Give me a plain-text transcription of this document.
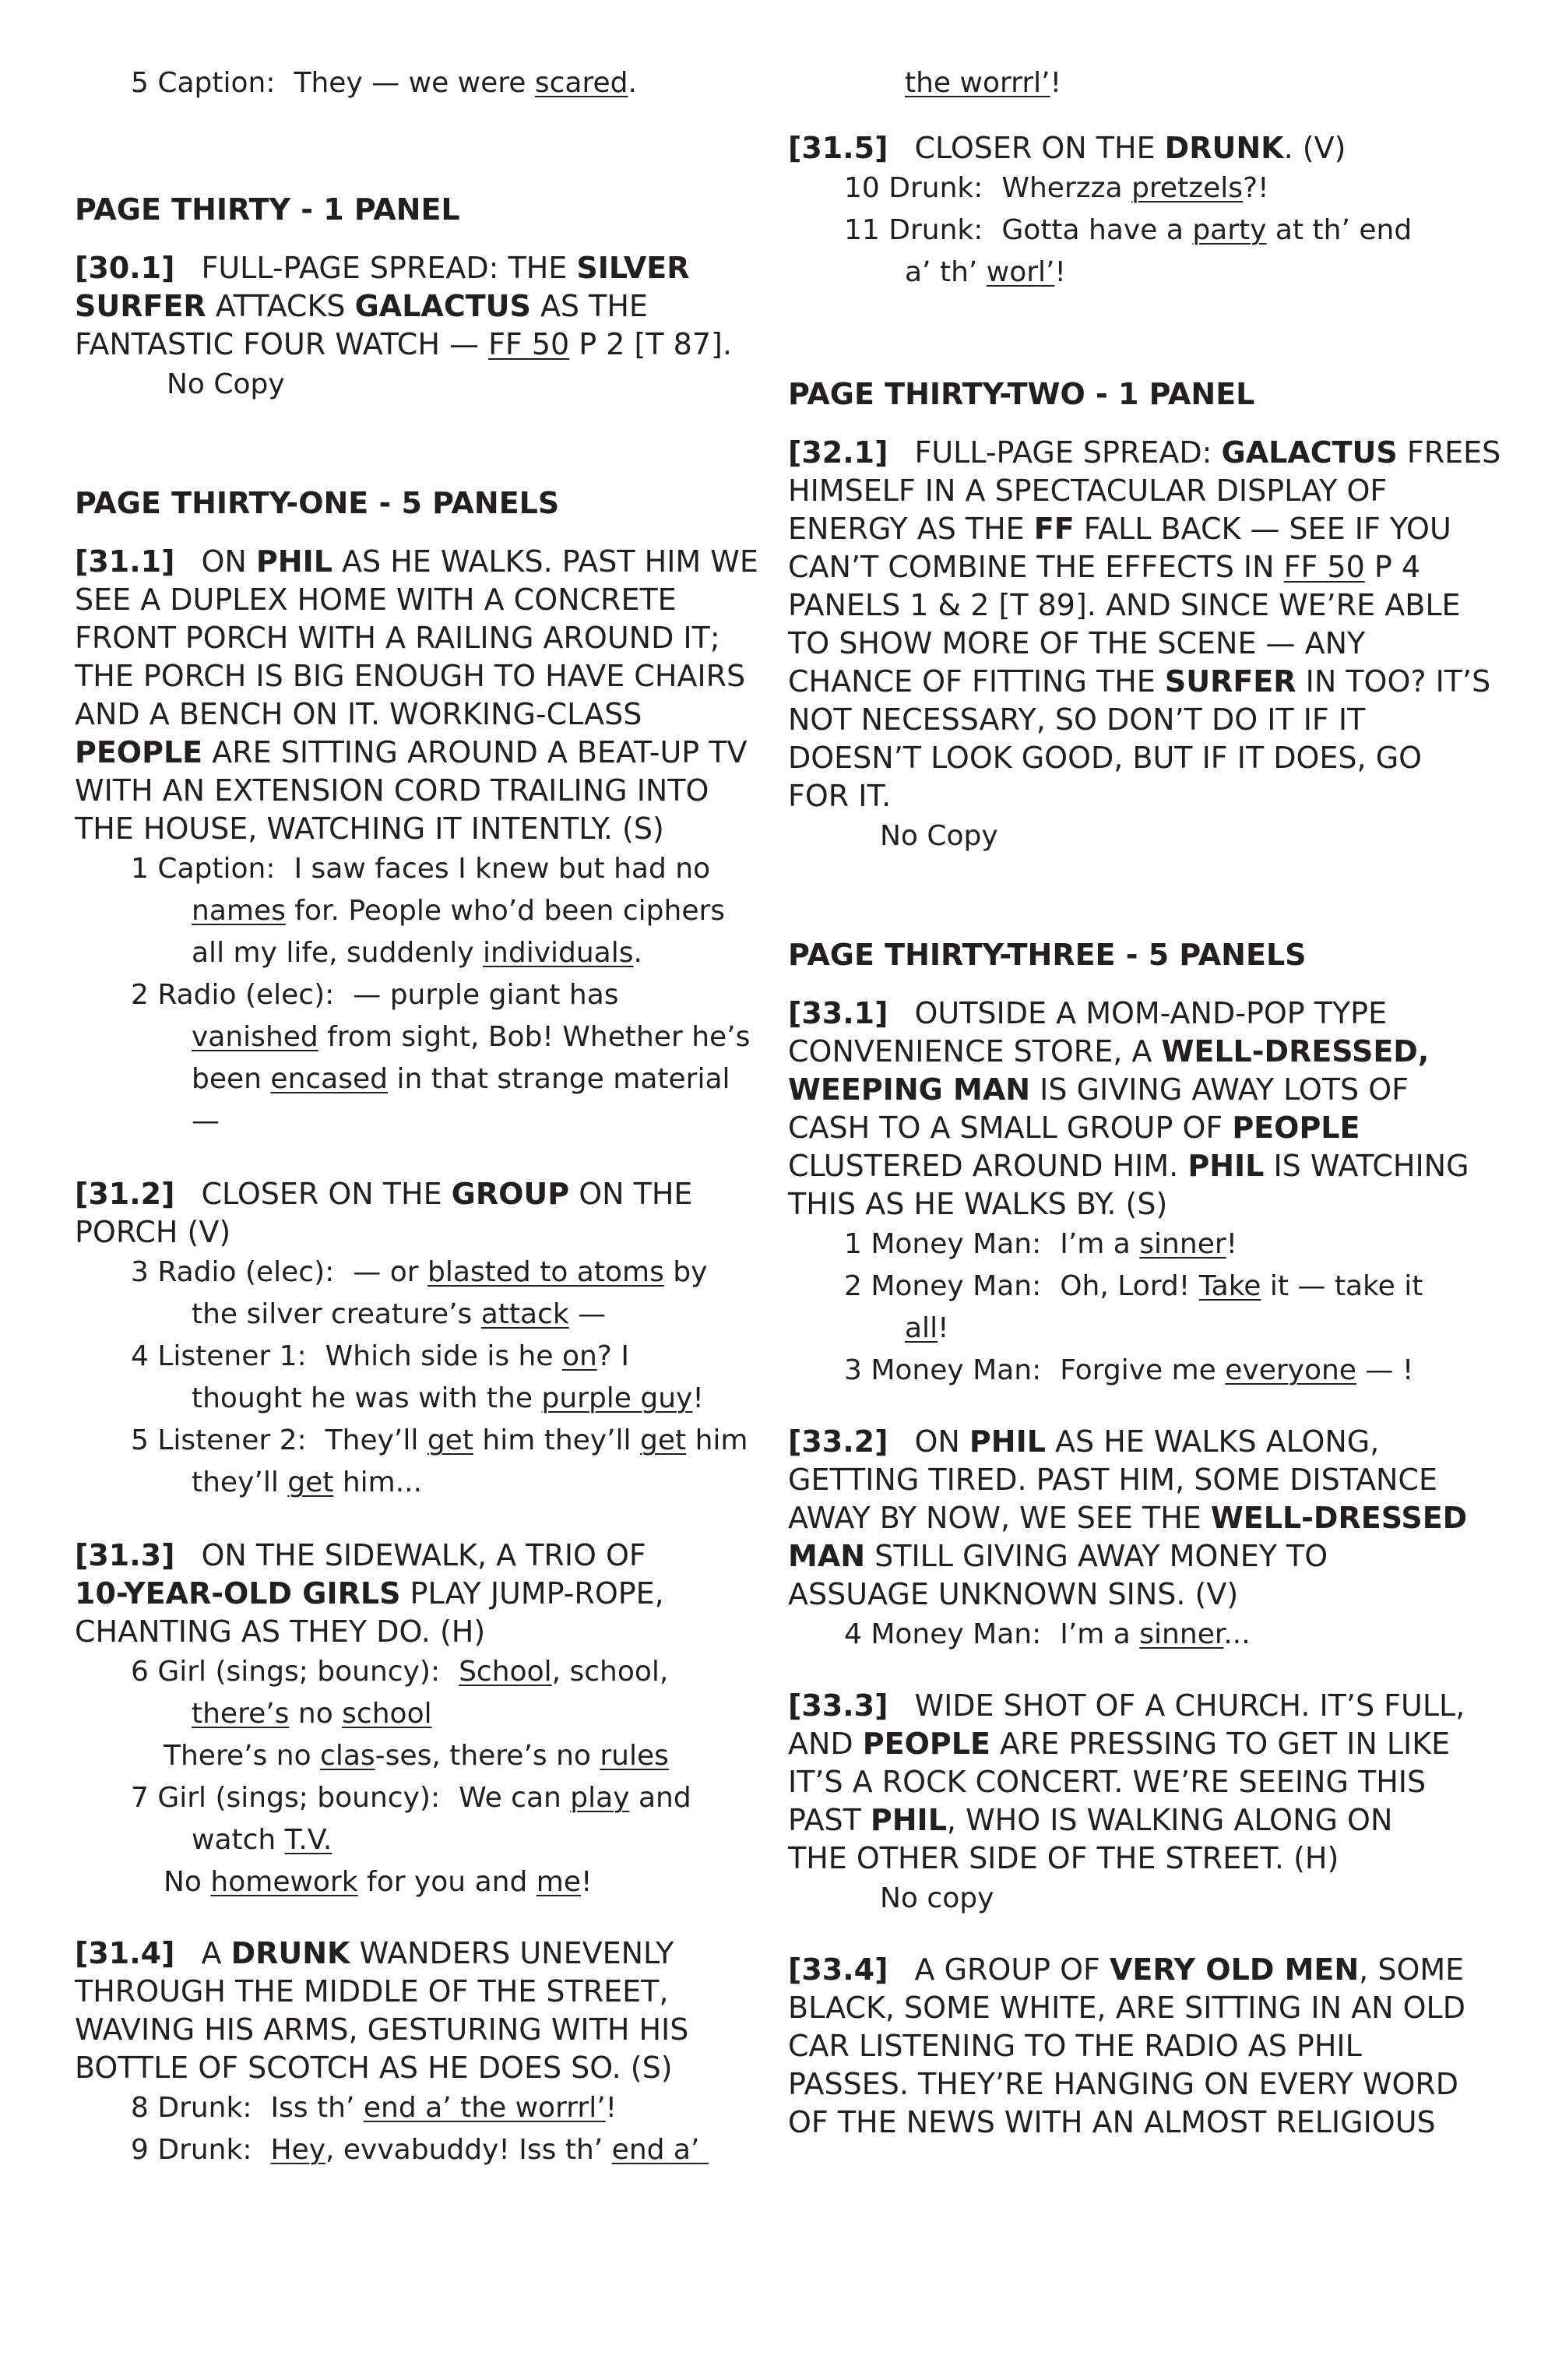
5 Caption: They — we were scared.
PAGE THIRTY - 1 PANEL
[30.1] FULL-PAGE SPREAD: THE SILVER
SURFER ATTACKS GALACTUS AS THE
FANTASTIC FOUR WATCH — FF 50 P 2 [T 87].
No Copy
PAGE THIRTY-ONE - 5 PANELS
[31.1] ON PHIL AS HE WALKS. PAST HIM WE
SEE A DUPLEX HOME WITH A CONCRETE
FRONT PORCH WITH A RAILING AROUND IT;
THE PORCH IS BIG ENOUGH TO HAVE CHAIRS
AND A BENCH ON IT. WORKING-CLASS
PEOPLE ARE SITTING AROUND A BEAT-UP TV
WITH AN EXTENSION CORD TRAILING INTO
THE HOUSE, WATCHING IT INTENTLY. (S)
1 Caption: I saw faces I knew but had no
names for. People who’d been ciphers
all my life, suddenly individuals.
2 Radio (elec): — purple giant has
vanished from sight, Bob! Whether he’s
been encased in that strange material
—
[31.2] CLOSER ON THE GROUP ON THE
PORCH (V)
3 Radio (elec): — or blasted to atoms by
the silver creature’s attack —
4 Listener 1: Which side is he on? I
thought he was with the purple guy!
5 Listener 2: They’ll get him they’ll get him
they’ll get him...
[31.3] ON THE SIDEWALK, A TRIO OF
10-YEAR-OLD GIRLS PLAY JUMP-ROPE,
CHANTING AS THEY DO. (H)
6 Girl (sings; bouncy): School, school,
there’s no school
There’s no clas-ses, there’s no rules
7 Girl (sings; bouncy): We can play and
watch T.V.
No homework for you and me!
[31.4] A DRUNK WANDERS UNEVENLY
THROUGH THE MIDDLE OF THE STREET,
WAVING HIS ARMS, GESTURING WITH HIS
BOTTLE OF SCOTCH AS HE DOES SO. (S)
8 Drunk: Iss th’ end a’ the worrrl’!
9 Drunk: Hey, evvabuddy! Iss th’ end a’
the worrrl’!
[31.5] CLOSER ON THE DRUNK. (V)
10 Drunk: Wherzza pretzels?!
11 Drunk: Gotta have a party at th’ end
a’ th’ worl’!
PAGE THIRTY-TWO - 1 PANEL
[32.1] FULL-PAGE SPREAD: GALACTUS FREES
HIMSELF IN A SPECTACULAR DISPLAY OF
ENERGY AS THE FF FALL BACK — SEE IF YOU
CAN’T COMBINE THE EFFECTS IN FF 50 P 4
PANELS 1 & 2 [T 89]. AND SINCE WE’RE ABLE
TO SHOW MORE OF THE SCENE — ANY
CHANCE OF FITTING THE SURFER IN TOO? IT’S
NOT NECESSARY, SO DON’T DO IT IF IT
DOESN’T LOOK GOOD, BUT IF IT DOES, GO
FOR IT.
No Copy
PAGE THIRTY-THREE - 5 PANELS
[33.1] OUTSIDE A MOM-AND-POP TYPE
CONVENIENCE STORE, A WELL-DRESSED,
WEEPING MAN IS GIVING AWAY LOTS OF
CASH TO A SMALL GROUP OF PEOPLE
CLUSTERED AROUND HIM. PHIL IS WATCHING
THIS AS HE WALKS BY. (S)
1 Money Man: I’m a sinner!
2 Money Man: Oh, Lord! Take it — take it
all!
3 Money Man: Forgive me everyone — !
[33.2] ON PHIL AS HE WALKS ALONG,
GETTING TIRED. PAST HIM, SOME DISTANCE
AWAY BY NOW, WE SEE THE WELL-DRESSED
MAN STILL GIVING AWAY MONEY TO
ASSUAGE UNKNOWN SINS. (V)
4 Money Man: I’m a sinner...
[33.3] WIDE SHOT OF A CHURCH. IT’S FULL,
AND PEOPLE ARE PRESSING TO GET IN LIKE
IT’S A ROCK CONCERT. WE’RE SEEING THIS
PAST PHIL, WHO IS WALKING ALONG ON
THE OTHER SIDE OF THE STREET. (H)
No copy
[33.4] A GROUP OF VERY OLD MEN, SOME
BLACK, SOME WHITE, ARE SITTING IN AN OLD
CAR LISTENING TO THE RADIO AS PHIL
PASSES. THEY’RE HANGING ON EVERY WORD
OF THE NEWS WITH AN ALMOST RELIGIOUS
